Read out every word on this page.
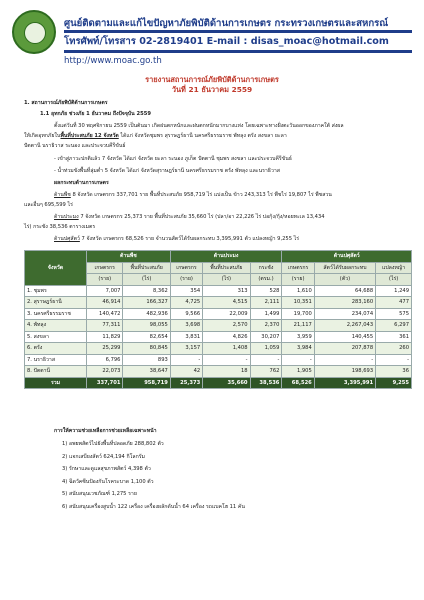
ศูนย์ติดตามและแก้ไขปัญหาภัยพิบัติด้านการเกษตร กระทรวงเกษตรและสหกรณ์
โทรศัพท์/โทรสาร 02-2819401 E-mail : disas_moac@hotmail.com
http://www.moac.go.th
รายงานสถานการณ์ภัยพิบัติด้านการเกษตร
วันที่ 21 ธันวาคม 2559
1. สถานการณ์ภัยพิบัติด้านการเกษตร
1.1 อุทกภัย ช่วงภัย 1 ธันวาคม ถึงปัจจุบัน 2559
ตั้งแต่วันที่ 30 พฤศจิกายน 2559 เป็นต้นมา เกิดฝนตกหนักและฝนตกหนักมากบางแห่ง โดยเฉพาะทางฝั่งตะวันออกของภาคใต้ ส่งผล
ให้เกิดอุทกภัยในพื้นที่ประสบภัย 12 จังหวัด ได้แก่ จังหวัดชุมพร สุราษฎร์ธานี นครศรีธรรมราช พัทลุง ตรัง สงขลา ยะลา
ปัตตานี นราธิวาส ระนอง และประจวบคีรีขันธ์
- เข้าสู่ภาวะปกติแล้ว 7 จังหวัด ได้แก่ จังหวัด ยะลา ระนอง ภูเก็ต ปัตตานี ชุมพร สงขลา และประจวบคีรีขันธ์
- น้ำท่วมขังพื้นที่ลุ่มต่ำ 5 จังหวัด ได้แก่ จังหวัดสุราษฎร์ธานี นครศรีธรรมราช ตรัง พัทลุง และนราธิวาส
ผลกระทบด้านการเกษตร
ด้านพืช 8 จังหวัด เกษตรกร 337,701 ราย พื้นที่ประสบภัย 958,719 ไร่ แบ่งเป็น ข้าว 243,313 ไร่ พืชไร่ 19,807 ไร่ พืชสวน
และอื่นๆ 695,599 ไร่
ด้านประมง 7 จังหวัด เกษตรกร 25,373 ราย พื้นที่ประสบภัย 35,660 ไร่ (ปลา/อา 22,226 ไร่ บ่อกุ้ง/กุ้ง/หอยทะเล 13,434
ไร่) กระชัง 38,536 ตารางเมตร
ด้านปศุสัตว์ 7 จังหวัด เกษตรกร 68,526 ราย จำนวนสัตว์ได้รับผลกระทบ 3,395,991 ตัว แปลงหญ้า 9,255 ไร่
จังหวัด	ด้านพืช		ด้านประมง			ด้านปศุสัตว์		
	เกษตรกร	พื้นที่ประสบภัย	เกษตรกร	พื้นที่ประสบภัย	กระชัง	เกษตรกร	สัตว์ได้รับผลกระทบ	แปลงหญ้า
	(ราย)	(ไร่)	(ราย)	(ไร่)	(ตรม.)	(ราย)	(ตัว)	(ไร่)
1. ชุมพร	7,007	8,362	354	313	528	1,610	64,688	1,249
2. สุราษฎร์ธานี	46,914	166,327	4,725	4,515	2,111	10,351	283,160	477
3. นครศรีธรรมราช	140,472	482,936	9,566	22,009	1,499	19,700	234,074	575
4. พัทลุง	77,311	98,055	3,698	2,570	2,370	21,117	2,267,043	6,297
5. สงขลา	11,829	82,654	3,831	4,826	30,207	3,959	140,455	361
6. ตรัง	25,299	80,845	3,157	1,408	1,059	3,984	207,878	260
7. นราธิวาส	6,796	893	-	-	-	-	-	-
8. ปัตตานี	22,073	38,647	42	18	762	1,905	198,693	36
รวม	337,701	958,719	25,373	35,660	38,536	68,526	3,395,991	9,255
การให้ความช่วยเหลือการช่วยเหลือเฉพาะหน้า
1) อพยพสัตว์ไปยังพื้นที่ปลอดภัย 288,802 ตัว
2) แจกเสบียงสัตว์ 624,194 กิโลกรัม
3) รักษาและดูแลสุขภาพสัตว์ 4,398 ตัว
4) ฉีดวัคซีนป้องกันโรคระบาด 1,100 ตัว
5) สนับสนุนเวชภัณฑ์ 1,275 ราย
6) สนับสนุนเครื่องสูบน้ำ 122 เครื่อง เครื่องผลักดันน้ำ 64 เครื่อง รถแบคโฮ 11 คัน
